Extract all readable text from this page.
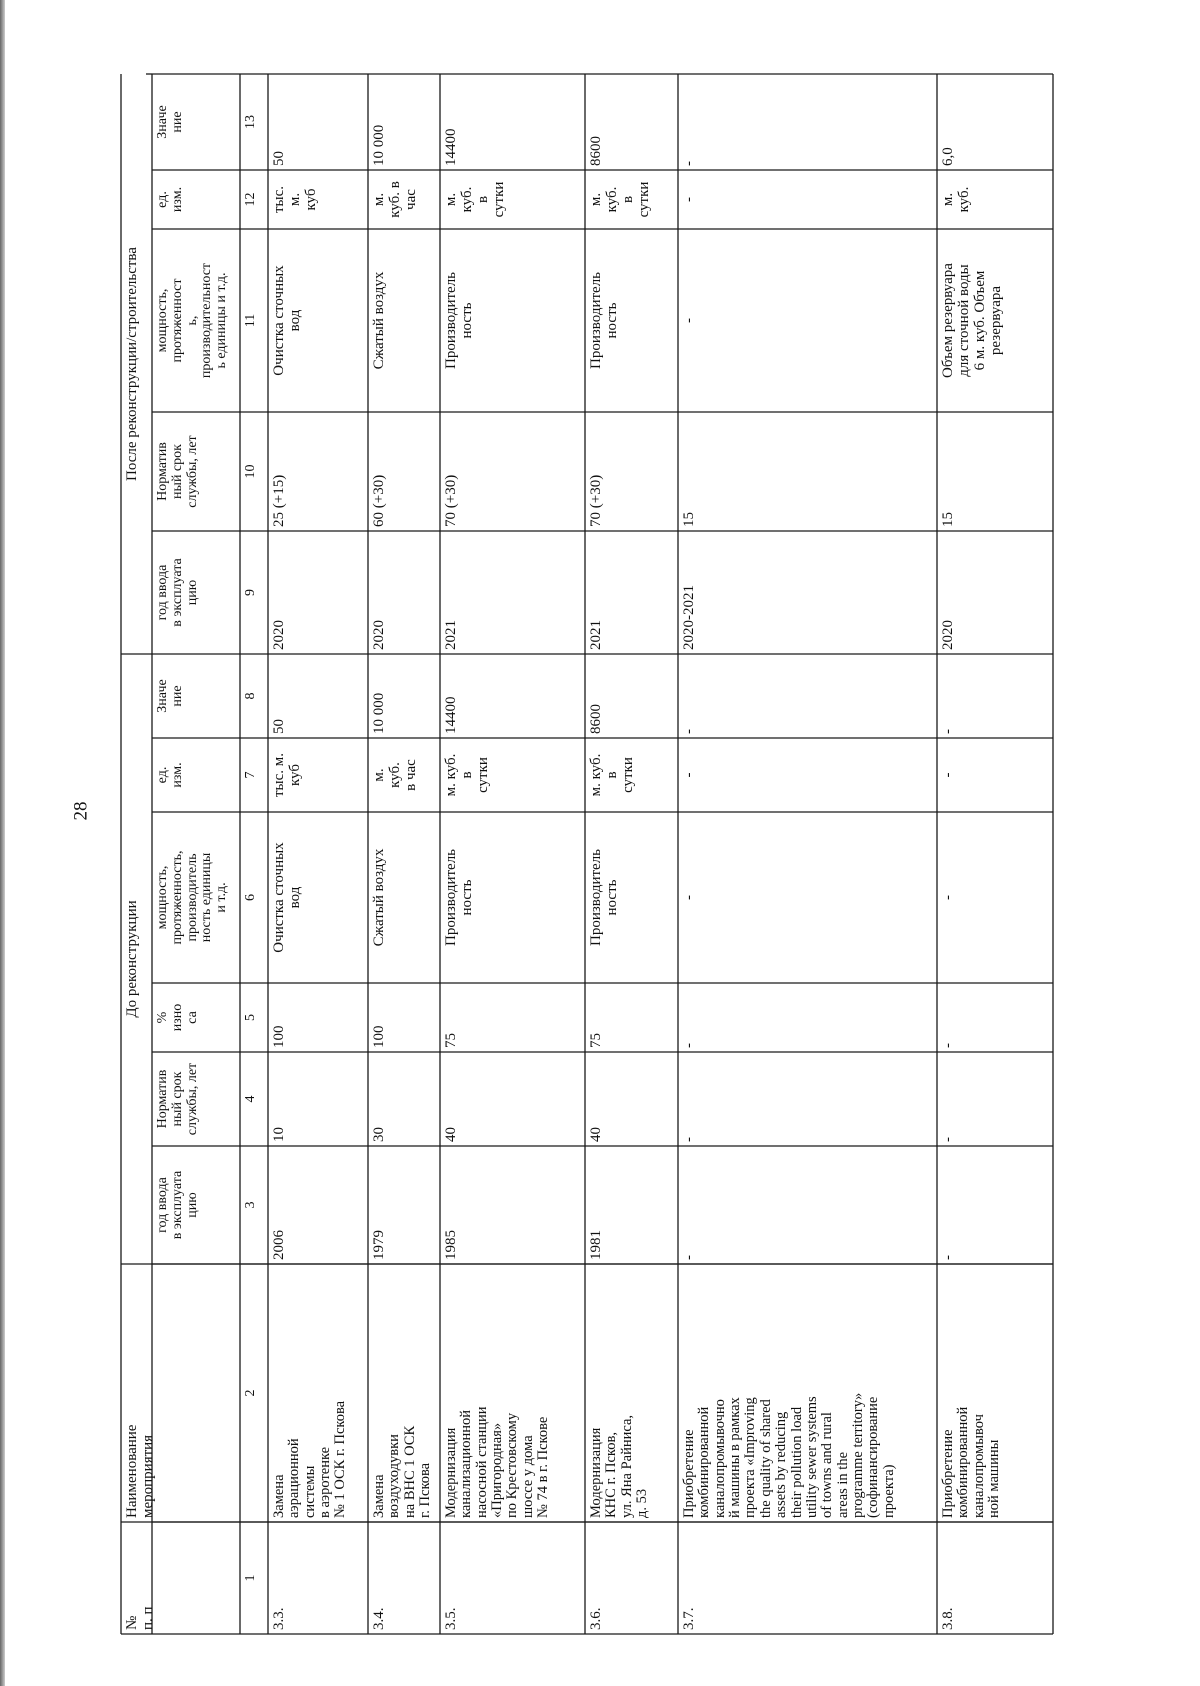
28
№
п. п
Наименование
мероприятия
До реконструкции
После реконструкции/строительства
год ввода
в эксплуата
цию
Норматив
ный срок
службы, лет
%
изно
са
мощность,
протяженность,
производитель
ность единицы
и т.д.
ед.
изм.
Значе
ние
год ввода
в эксплуата
цию
Норматив
ный срок
службы, лет
мощность,
протяженност
ь,
производительност
ь единицы и т.д.
ед.
изм.
Значе
ние
1
2
3
4
5
6
7
8
9
10
11
12
13
3.3.
Замена
аэрационной
системы
в аэротенке
№ 1 ОСК г. Пскова
2006
10
100
Очистка сточных
вод
тыс. м.
куб
50
2020
25 (+15)
Очистка сточных
вод
тыс.
м.
куб
50
3.4.
Замена
воздуходувки
на ВНС 1 ОСК
г. Пскова
1979
30
100
Сжатый воздух
м.
куб.
в час
10 000
2020
60 (+30)
Сжатый воздух
м.
куб. в
час
10 000
3.5.
Модернизация
канализационной
насосной станции
«Пригородная»
по Крестовскому
шоссе у дома
№ 74 в г. Пскове
1985
40
75
Производитель
ность
м. куб.
в
сутки
14400
2021
70 (+30)
Производитель
ность
м.
куб.
в
сутки
14400
3.6.
Модернизация
КНС г. Псков,
ул. Яна Райниса,
д. 53
1981
40
75
Производитель
ность
м. куб.
в
сутки
8600
2021
70 (+30)
Производитель
ность
м.
куб.
в
сутки
8600
3.7.
Приобретение
комбинированной
каналопромывочно
й машины в рамках
проекта «Improving
the quality of shared
assets by reducing
their pollution load
utility sewer systems
of towns and rural
areas in the
programme territory»
(софинансирование
проекта)
-
-
-
-
-
-
2020-2021
15
-
-
-
3.8.
Приобретение
комбинированной
каналопромывоч
ной машины
-
-
-
-
-
-
2020
15
Объем резервуара
для сточной воды
6 м. куб. Объем
резервуара
м.
куб.
6,0
